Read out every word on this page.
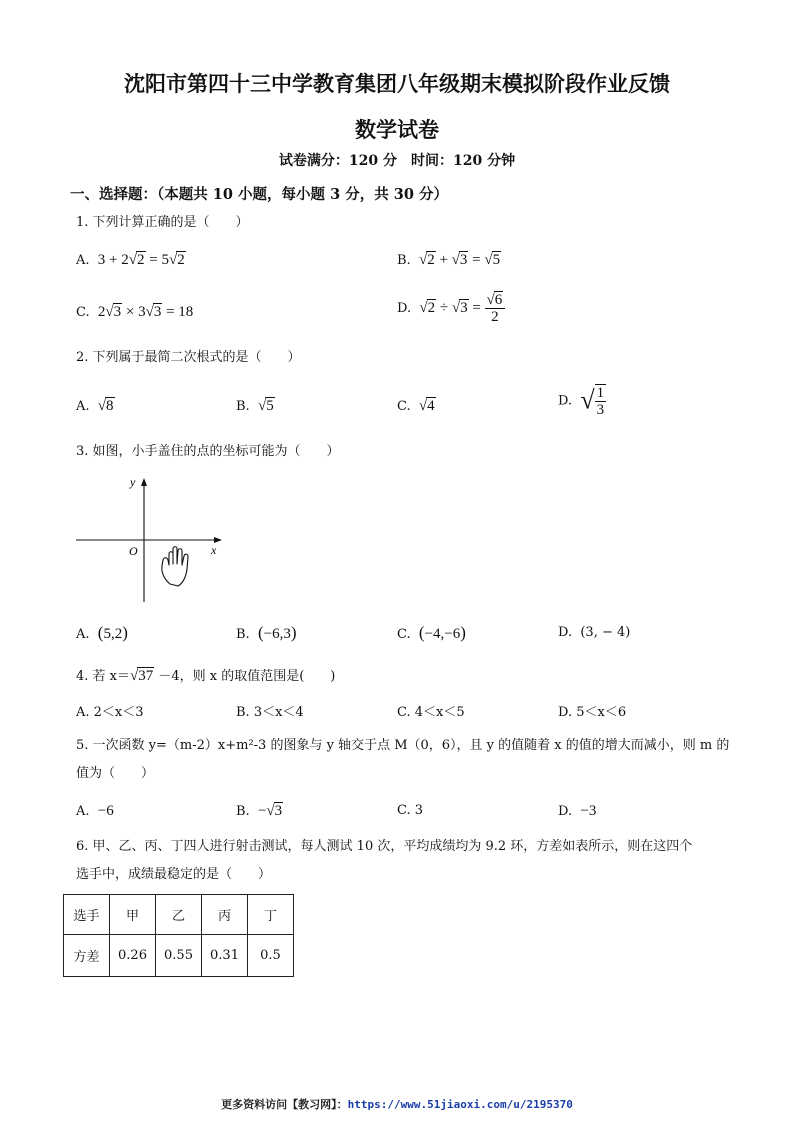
沈阳市第四十三中学教育集团八年级期末模拟阶段作业反馈
数学试卷
试卷满分：120 分　时间：120 分钟
一、选择题：（本题共 10 小题，每小题 3 分，共 30 分）
1. 下列计算正确的是（　　）
A. 3 + 2√2 = 5√2	B. √2 + √3 = √5
C. 2√3 × 3√3 = 18	D. $√2 \div √3 = \frac{√6}{2}$
2. 下列属于最简二次根式的是（　　）
A. √8	B. √5	C. √4	D. √ $\frac{1}{3}$
3. 如图，小手盖住的点的坐标可能为（　　）
y
x
O
A. (5,2)	B. (−6,3)	C. (−4,−6)	D. (3, − 4)
4. 若 x＝√37 －4，则 x 的取值范围是(　　)
A. 2＜x＜3	B. 3＜x＜4	C. 4＜x＜5	D. 5＜x＜6
5. 一次函数 y=（m-2）x+m²-3 的图象与 y 轴交于点 M（0，6），且 y 的值随着 x 的值的增大而减小，则 m 的
值为（　　）
A. −6	B. −√3	C. 3	D. −3
6. 甲、乙、丙、丁四人进行射击测试，每人测试 10 次，平均成绩均为 9.2 环，方差如表所示，则在这四个
选手中，成绩最稳定的是（　　）
选手	甲	乙	丙	丁
方差	0.26	0.55	0.31	0.5
更多资料访问【教习网】：https://www.51jiaoxi.com/u/2195370
